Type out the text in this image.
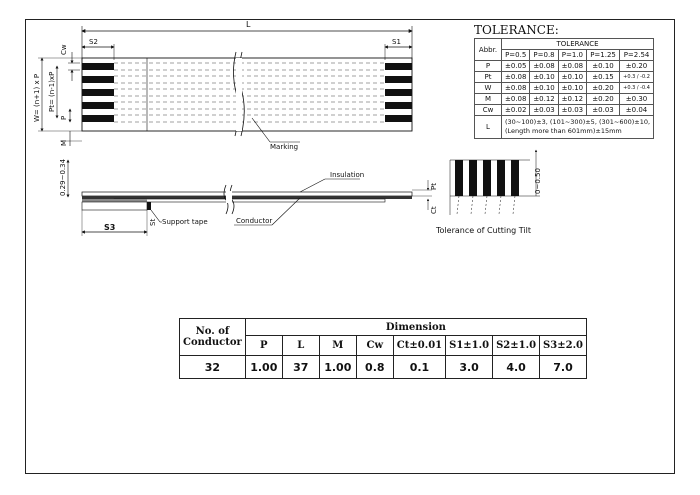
L
S2	S1
Marking
Cw
W= (n+1) x P Pt= (n-1)xP
P
M
0.29~0.34	Pt
Ct
Insulation
Conductor
S3
St Support tape
0~0.50
Tolerance of Cutting Tilt
TOLERANCE:
Abbr.	TOLERANCE				
	P=0.5	P=0.8	P=1.0	P=1.25	P=2.54
P	±0.05	±0.08	±0.08	±0.10	±0.20
Pt	±0.08	±0.10	±0.10	±0.15	+0.3 / -0.2
W	±0.08	±0.10	±0.10	±0.20	+0.3 / -0.4
M	±0.08	±0.12	±0.12	±0.20	±0.30
Cw	±0.02	±0.03	±0.03	±0.03	±0.04
L	(30~100)±3, (101~300)±5, (301~600)±10,
(Length more than 601mm)±15mm				
No. of Conductor	Dimension							
	P	L	M	Cw	Ct±0.01	S1±1.0	S2±1.0	S3±2.0
32	1.00	37	1.00	0.8	0.1	3.0	4.0	7.0
